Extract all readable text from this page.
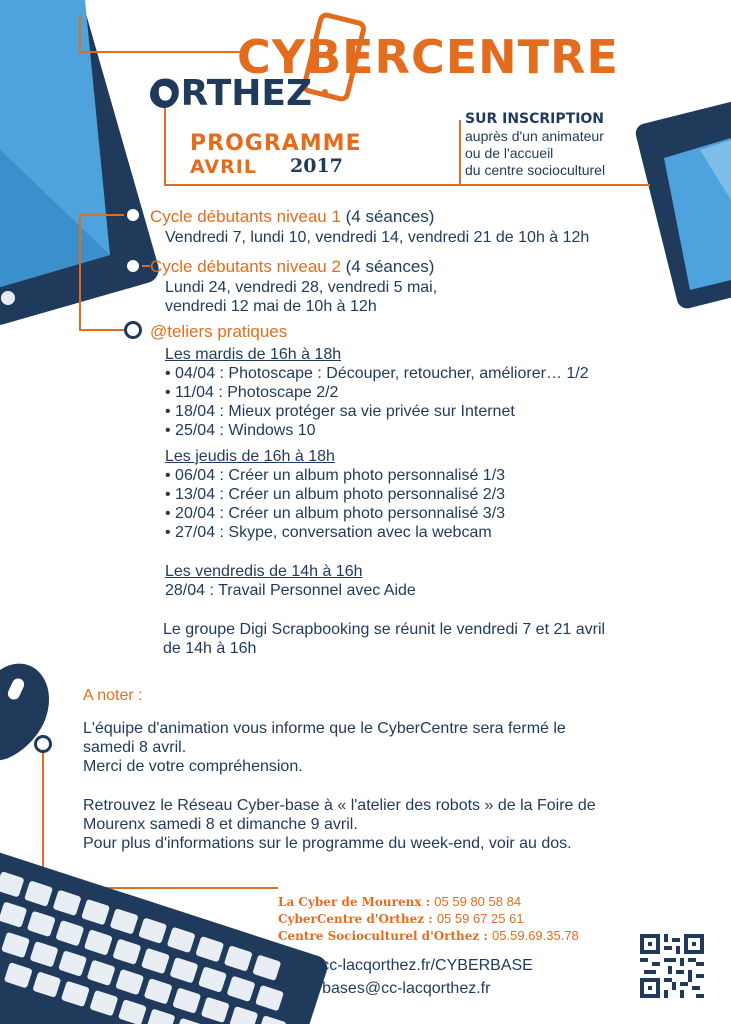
CYBERCENTRE
ORTHEZ
PROGRAMME
AVRIL 2017
SUR INSCRIPTION
auprès d'un animateur
ou de l'accueil
du centre socioculturel
Cycle débutants niveau 1 (4 séances)
Vendredi 7, lundi 10, vendredi 14, vendredi 21 de 10h à 12h
Cycle débutants niveau 2 (4 séances)
Lundi 24, vendredi 28, vendredi 5 mai,
vendredi 12 mai de 10h à 12h
@teliers pratiques
Les mardis de 16h à 18h
• 04/04 : Photoscape : Découper, retoucher, améliorer… 1/2
• 11/04 : Photoscape 2/2
• 18/04 : Mieux protéger sa vie privée sur Internet
• 25/04 : Windows 10
Les jeudis de 16h à 18h
• 06/04 : Créer un album photo personnalisé 1/3
• 13/04 : Créer un album photo personnalisé 2/3
• 20/04 : Créer un album photo personnalisé 3/3
• 27/04 : Skype, conversation avec la webcam
Les vendredis de 14h à 16h
28/04 : Travail Personnel avec Aide
Le groupe Digi Scrapbooking se réunit le vendredi 7 et 21 avril
de 14h à 16h
A noter :
L'équipe d'animation vous informe que le CyberCentre sera fermé le
samedi 8 avril.
Merci de votre compréhension.
Retrouvez le Réseau Cyber-base à « l'atelier des robots » de la Foire de
Mourenx samedi 8 et dimanche 9 avril.
Pour plus d'informations sur le programme du week-end, voir au dos.
La Cyber de Mourenx : 05 59 80 58 84
CyberCentre d'Orthez : 05 59 67 25 61
Centre Socioculturel d'Orthez : 05.59.69.35.78
www.cc-lacqorthez.fr/CYBERBASE
cyberbases@cc-lacqorthez.fr
